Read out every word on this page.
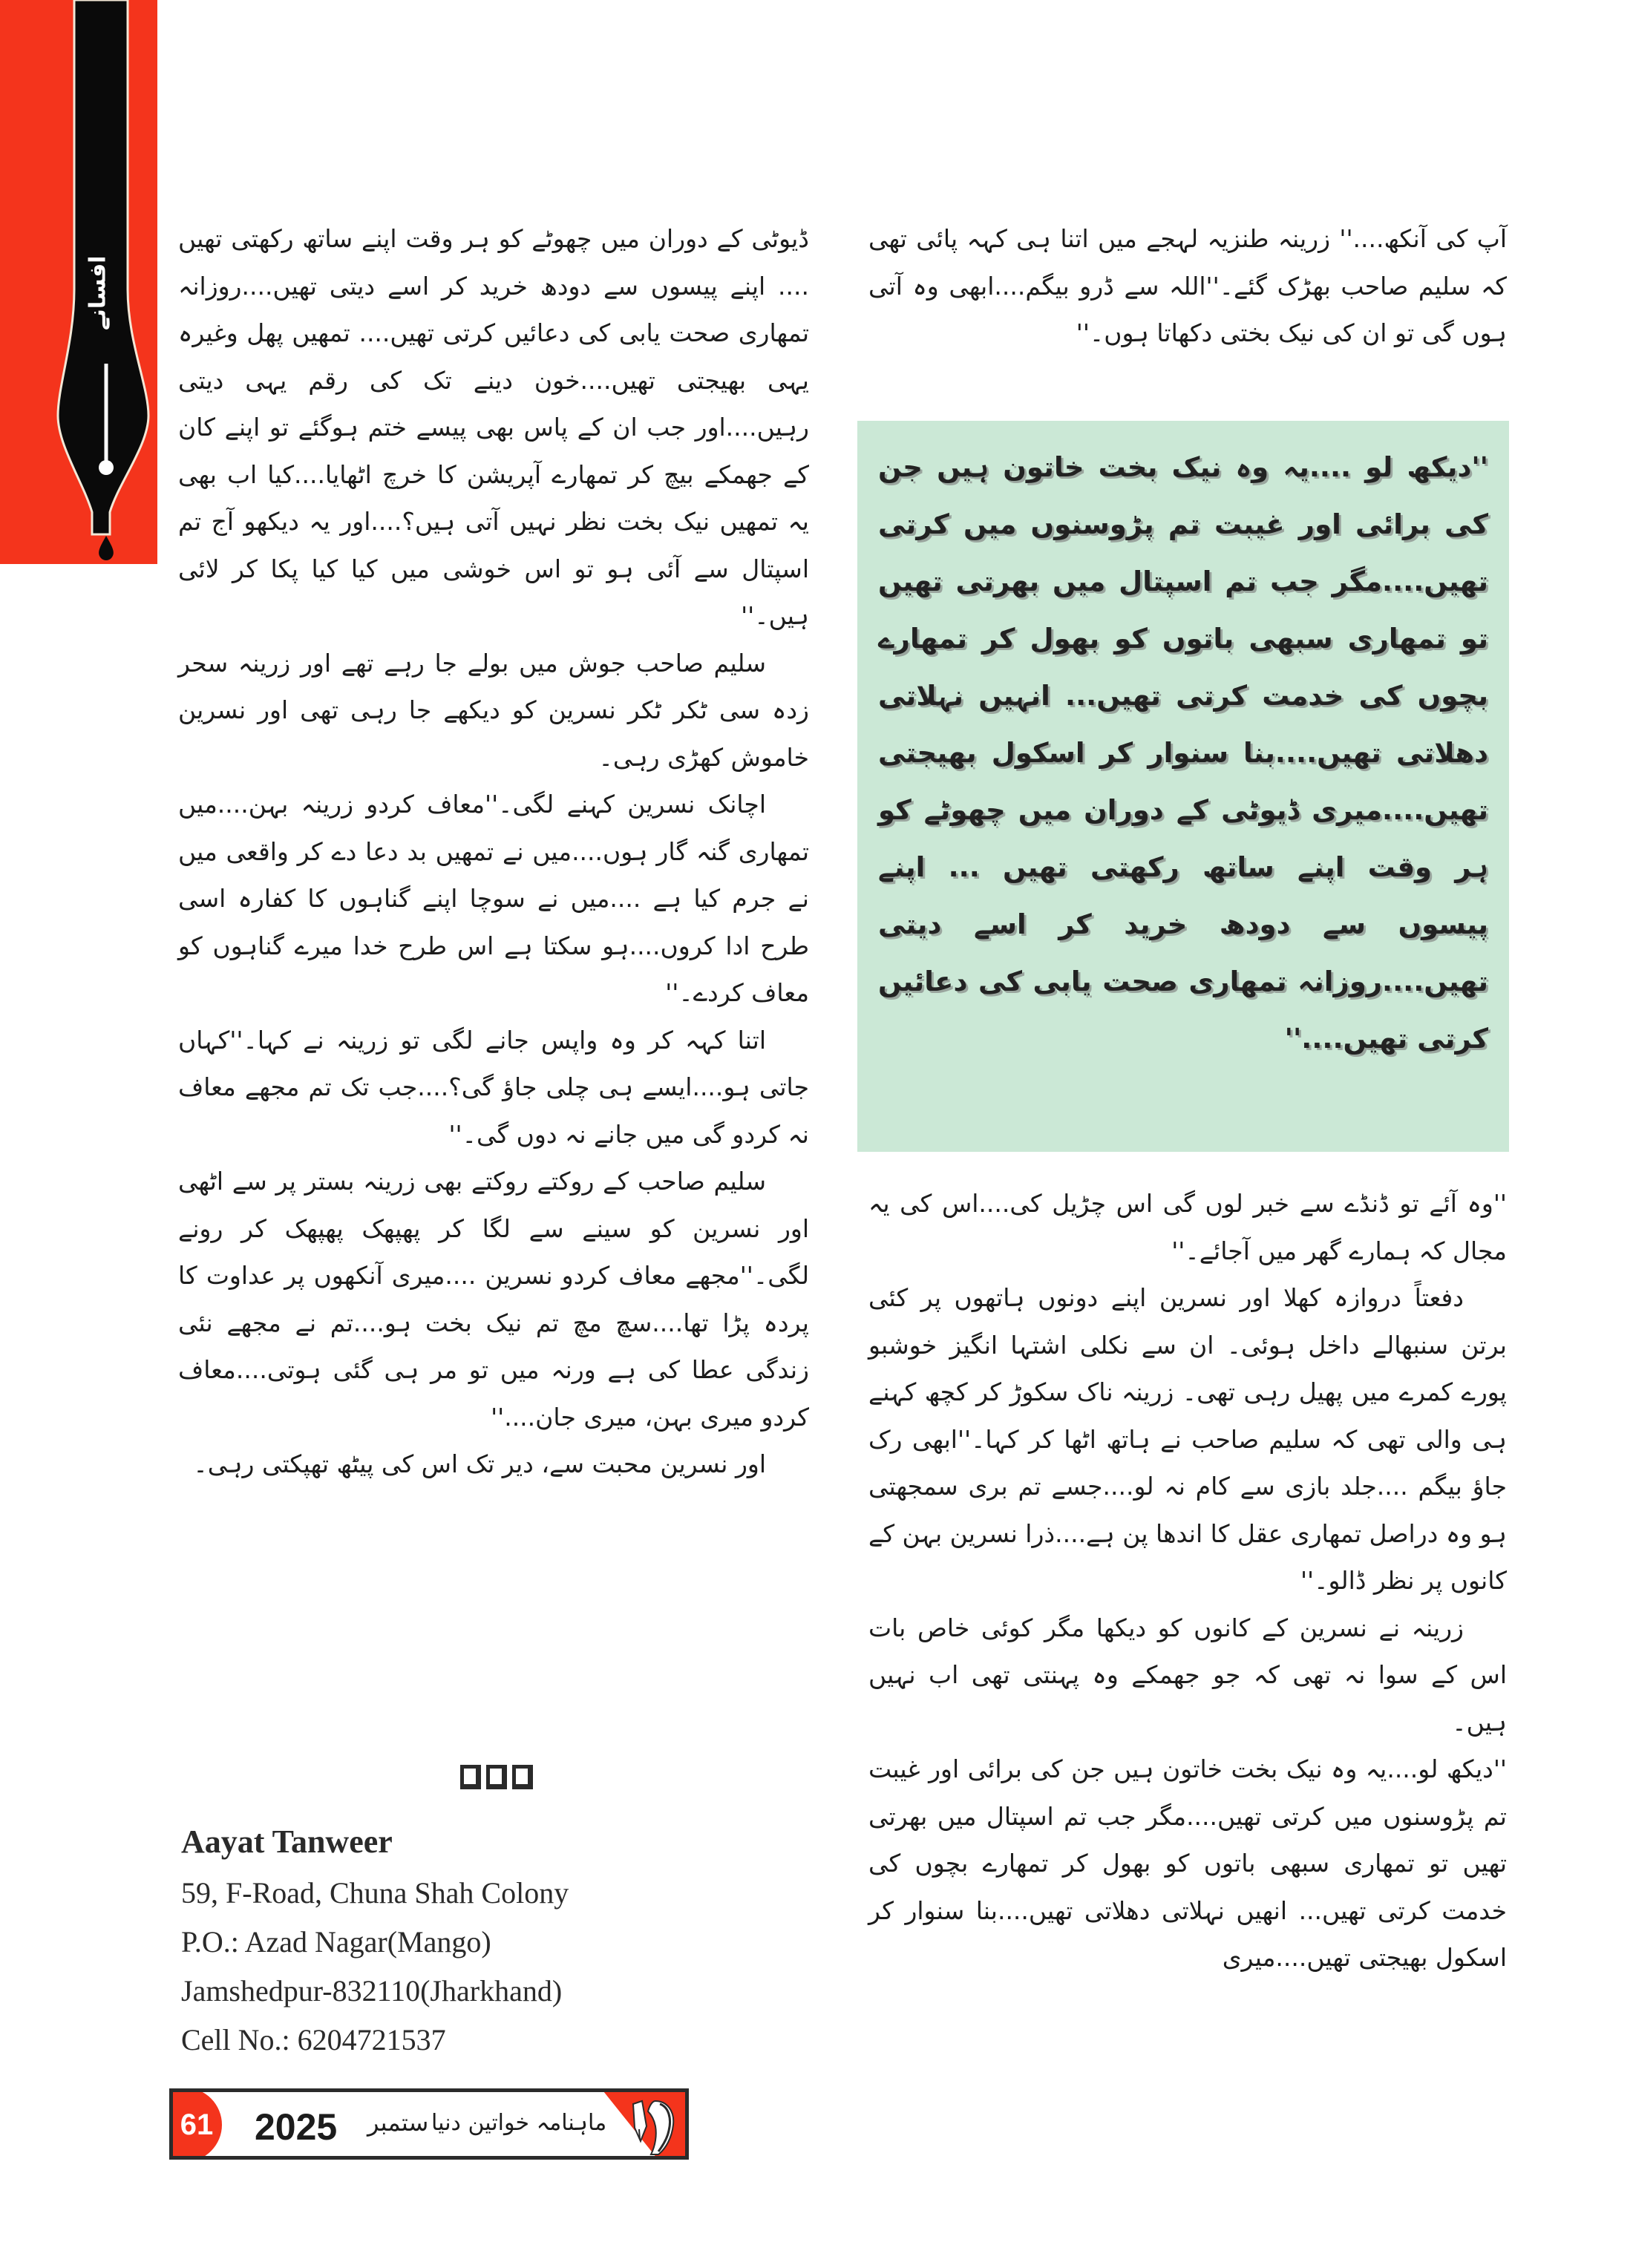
افسانے

ڈیوٹی کے دوران میں چھوٹے کو ہر وقت اپنے ساتھ رکھتی تھیں .... اپنے پیسوں سے دودھ خرید کر اسے دیتی تھیں....روزانہ تمھاری صحت یابی کی دعائیں کرتی تھیں.... تمھیں پھل وغیرہ یہی بھیجتی تھیں....خون دینے تک کی رقم یہی دیتی رہیں....اور جب ان کے پاس بھی پیسے ختم ہوگئے تو اپنے کان کے جھمکے بیچ کر تمھارے آپریشن کا خرچ اٹھایا....کیا اب بھی یہ تمھیں نیک بخت نظر نہیں آتی ہیں؟....اور یہ دیکھو آج تم اسپتال سے آئی ہو تو اس خوشی میں کیا کیا پکا کر لائی ہیں۔''

سلیم صاحب جوش میں بولے جا رہے تھے اور زرینہ سحر زدہ سی ٹکر ٹکر نسرین کو دیکھے جا رہی تھی اور نسرین خاموش کھڑی رہی۔

اچانک نسرین کہنے لگی۔''معاف کردو زرینہ بہن....میں تمھاری گنہ گار ہوں....میں نے تمھیں بد دعا دے کر واقعی میں نے جرم کیا ہے ....میں نے سوچا اپنے گناہوں کا کفارہ اسی طرح ادا کروں....ہو سکتا ہے اس طرح خدا میرے گناہوں کو معاف کردے۔''

اتنا کہہ کر وہ واپس جانے لگی تو زرینہ نے کہا۔''کہاں جاتی ہو....ایسے ہی چلی جاؤ گی؟....جب تک تم مجھے معاف نہ کردو گی میں جانے نہ دوں گی۔''

سلیم صاحب کے روکتے روکتے بھی زرینہ بستر پر سے اٹھی اور نسرین کو سینے سے لگا کر پھپھک پھپھک کر رونے لگی۔''مجھے معاف کردو نسرین ....میری آنکھوں پر عداوت کا پردہ پڑا تھا....سچ مچ تم نیک بخت ہو....تم نے مجھے نئی زندگی عطا کی ہے ورنہ میں تو مر ہی گئی ہوتی....معاف کردو میری بہن، میری جان....''

اور نسرین محبت سے، دیر تک اس کی پیٹھ تھپکتی رہی۔

Aayat Tanweer
59, F-Road, Chuna Shah Colony
P.O.: Azad Nagar(Mango)
Jamshedpur-832110(Jharkhand)
Cell No.: 6204721537

آپ کی آنکھ....'' زرینہ طنزیہ لہجے میں اتنا ہی کہہ پائی تھی کہ سلیم صاحب بھڑک گئے۔''اللہ سے ڈرو بیگم....ابھی وہ آتی ہوں گی تو ان کی نیک بختی دکھاتا ہوں۔''

''دیکھ لو ....یہ وہ نیک بخت خاتون ہیں جن کی برائی اور غیبت تم پڑوسنوں میں کرتی تھیں....مگر جب تم اسپتال میں بھرتی تھیں تو تمھاری سبھی باتوں کو بھول کر تمھارے بچوں کی خدمت کرتی تھیں... انہیں نہلاتی دھلاتی تھیں....بنا سنوار کر اسکول بھیجتی تھیں....میری ڈیوٹی کے دوران میں چھوٹے کو ہر وقت اپنے ساتھ رکھتی تھیں ... اپنے پیسوں سے دودھ خرید کر اسے دیتی تھیں....روزانہ تمھاری صحت یابی کی دعائیں کرتی تھیں....''

''وہ آئے تو ڈنڈے سے خبر لوں گی اس چڑیل کی....اس کی یہ مجال کہ ہمارے گھر میں آجائے۔''

دفعتاً دروازہ کھلا اور نسرین اپنے دونوں ہاتھوں پر کئی برتن سنبھالے داخل ہوئی۔ ان سے نکلی اشتہا انگیز خوشبو پورے کمرے میں پھیل رہی تھی۔ زرینہ ناک سکوڑ کر کچھ کہنے ہی والی تھی کہ سلیم صاحب نے ہاتھ اٹھا کر کہا۔''ابھی رک جاؤ بیگم ....جلد بازی سے کام نہ لو....جسے تم بری سمجھتی ہو وہ دراصل تمھاری عقل کا اندھا پن ہے....ذرا نسرین بہن کے کانوں پر نظر ڈالو۔''

زرینہ نے نسرین کے کانوں کو دیکھا مگر کوئی خاص بات اس کے سوا نہ تھی کہ جو جھمکے وہ پہنتی تھی اب نہیں ہیں۔

''دیکھ لو....یہ وہ نیک بخت خاتون ہیں جن کی برائی اور غیبت تم پڑوسنوں میں کرتی تھیں....مگر جب تم اسپتال میں بھرتی تھیں تو تمھاری سبھی باتوں کو بھول کر تمھارے بچوں کی خدمت کرتی تھیں... انھیں نہلاتی دھلاتی تھیں....بنا سنوار کر اسکول بھیجتی تھیں....میری

61 2025 ستمبر ماہنامہ خواتین دنیا
